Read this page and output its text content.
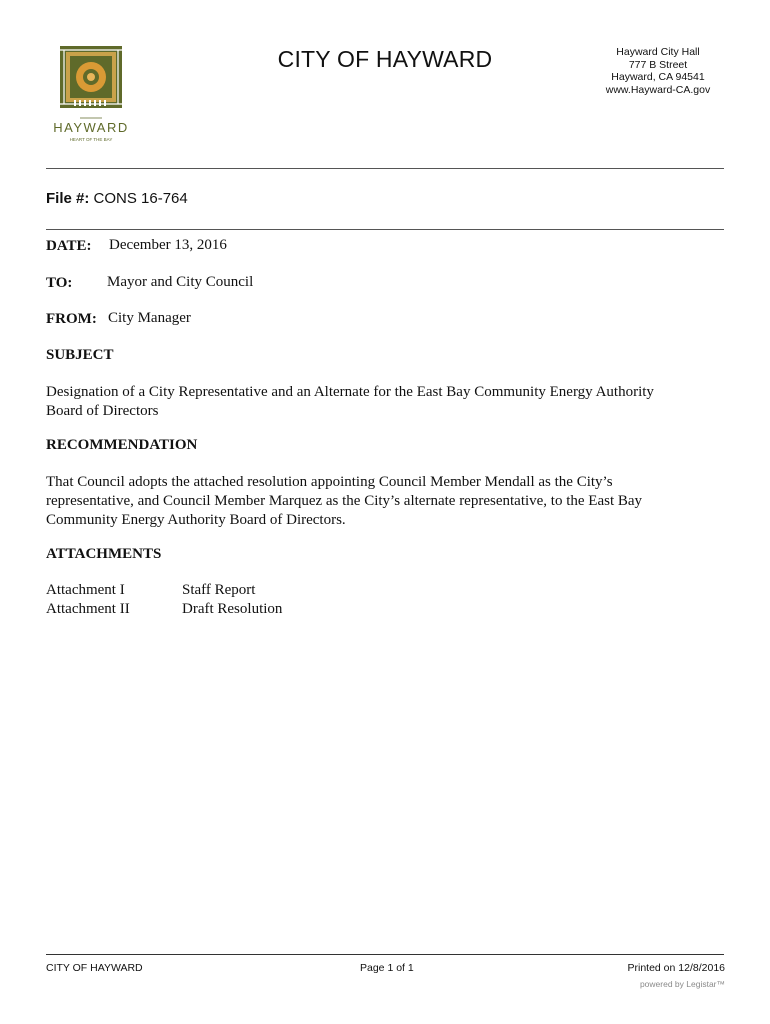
HAYWARD
HEART OF THE BAY
CITY OF HAYWARD	Hayward City Hall
777 B Street
Hayward, CA 94541
www.Hayward-CA.gov
File #: CONS 16-764
DATE: December 13, 2016
TO: Mayor and City Council
FROM: City Manager
SUBJECT
Designation of a City Representative and an Alternate for the East Bay Community Energy Authority
Board of Directors
RECOMMENDATION
That Council adopts the attached resolution appointing Council Member Mendall as the City’s
representative, and Council Member Marquez as the City’s alternate representative, to the East Bay
Community Energy Authority Board of Directors.
ATTACHMENTS
Attachment I	Staff Report
Attachment II	Draft Resolution
CITY OF HAYWARD	Page 1 of 1	Printed on 12/8/2016
powered by Legistar™
